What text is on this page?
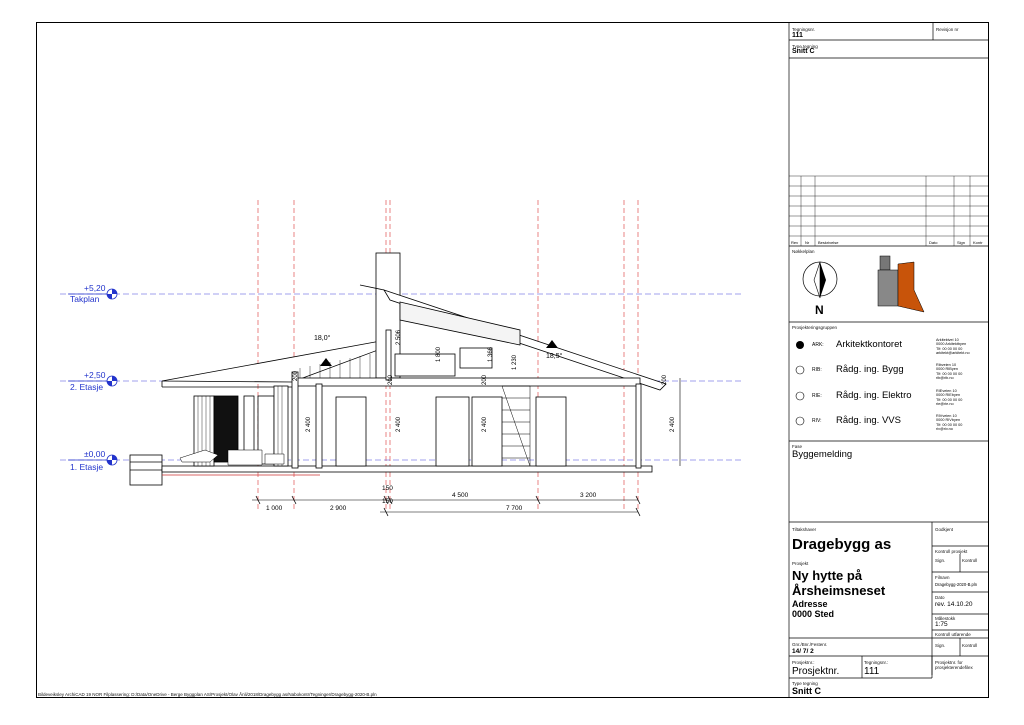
+5,20
Takplan
+2,50
2. Etasje
±0,00
1. Etasje
18,0°
18,5°
2 506
1 800	1 366
1 230
200	200	200
2 400	2 400	2 400
200
2 400
1 000	2 900
150
150
4 500	3 200
7 700
Tegningsnr.
111
Revisjon nr
Type tegning
Snitt C
Rev Nr Beskrivelse	Dato	Sign Kontr
Nøkkelplan
N
Prosjekteringsgruppen
ARK: Arkitektkontoret	Arkitektvei 10
0000 Arkitektbyen
Tlf: 00 00 00 00
arkitekt@arkitekt.no
RIB: Rådg. ing. Bygg	Ribveien 10
0000 RIByen
Tlf: 00 00 00 00
rib@rib.no
RIE: Rådg. ing. Elektro	RIEveien 10
0000 RIEbyen
Tlf: 00 00 00 00
rie@rie.no
RIV: Rådg. ing. VVS	RIVveien 10
0000 RIVbyen
Tlf: 00 00 00 00
riv@riv.no
Fase
Byggemelding
Tiltakshaver
Dragebygg as
Godkjent
Kontroll prosjekt
Sign.	Kontroll
Prosjekt
Ny hytte på
Årsheimsneset
Adresse
0000 Sted
Filnavn
Dragebygg-2020-B.pln
Dato
rev. 14.10.20
Målestokk
1:75
Kontroll utførende
Sign.	Kontroll
Gnr./Bnr./Festenr.
14/ 7/ 2
Prosjektnr.:
Prosjektnr.
Tegningsnr.:
111
Prosjektnr. for prosjekterendefilex
Type tegning
Snitt C
Bildeveiksley ArchiCAD 19 NOR Filplassering: D:/Data/OneDrive - Berge Byggplan AS/Prosjekt/Olav Ånli/2018/Dragebygg as/Nabokontr/Tegninger/Dragebygg-2020-B.pln
